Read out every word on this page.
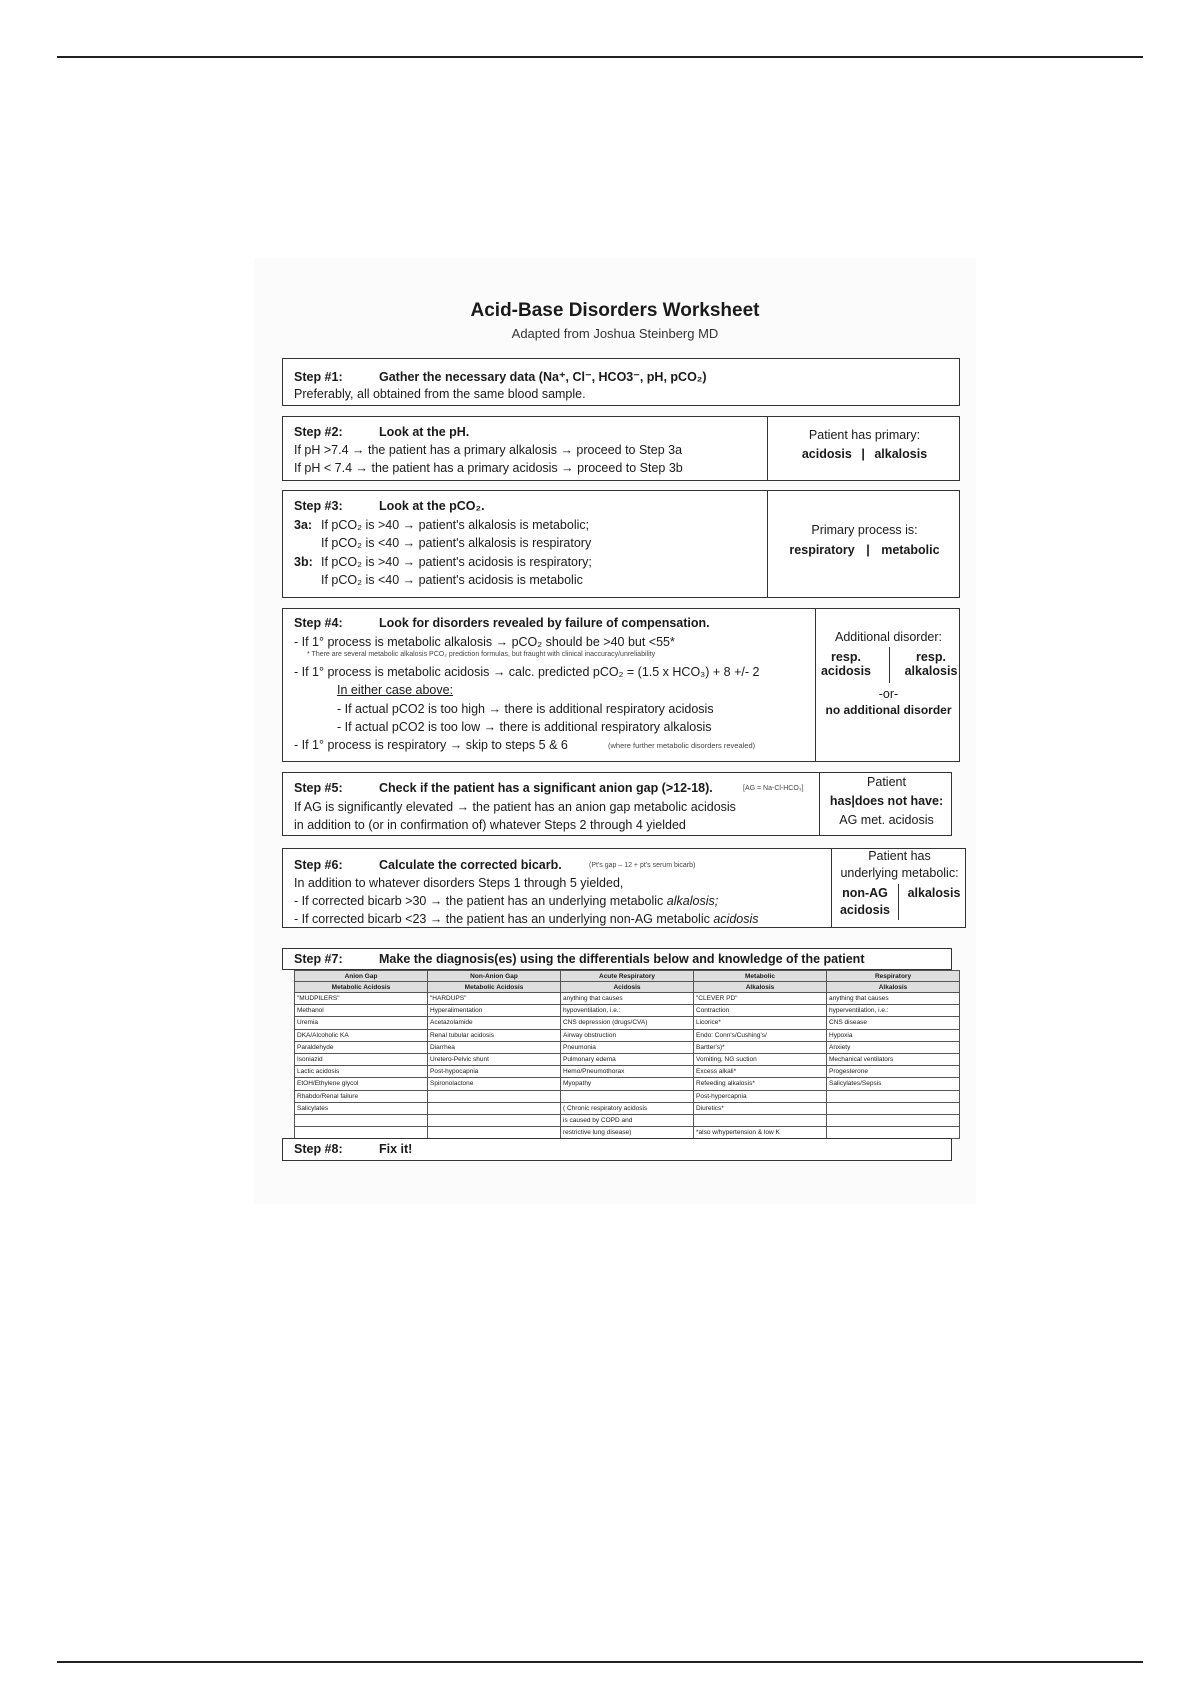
Acid-Base Disorders Worksheet
Adapted from Joshua Steinberg MD
Step #1:	Gather the necessary data (Na⁺, Cl⁻, HCO3⁻, pH, pCO₂)
Preferably, all obtained from the same blood sample.
Step #2:	Look at the pH.
If pH >7.4 → the patient has a primary alkalosis → proceed to Step 3a
If pH < 7.4 → the patient has a primary acidosis → proceed to Step 3b
Patient has primary:
acidosis | alkalosis
Step #3:	Look at the pCO₂.
3a: If pCO₂ is >40 → patient's alkalosis is metabolic;
If pCO₂ is <40 → patient's alkalosis is respiratory
3b: If pCO₂ is >40 → patient's acidosis is respiratory;
If pCO₂ is <40 → patient's acidosis is metabolic
Primary process is:
respiratory | metabolic
Step #4:	Look for disorders revealed by failure of compensation.
- If 1° process is metabolic alkalosis → pCO₂ should be >40 but <55*
* There are several metabolic alkalosis PCO₂ prediction formulas, but fraught with clinical inaccuracy/unreliability
- If 1° process is metabolic acidosis → calc. predicted pCO₂ = (1.5 x HCO₃) + 8 +/- 2
In either case above:
- If actual pCO2 is too high → there is additional respiratory acidosis
- If actual pCO2 is too low → there is additional respiratory alkalosis
- If 1° process is respiratory → skip to steps 5 & 6	(where further metabolic disorders revealed)
Additional disorder:
resp.
acidosis
resp.
alkalosis
-or-
no additional disorder
Step #5:	Check if the patient has a significant anion gap (>12-18).	[AG = Na-Cl-HCO₃]
If AG is significantly elevated → the patient has an anion gap metabolic acidosis
in addition to (or in confirmation of) whatever Steps 2 through 4 yielded
Patient
has|does not have:
AG met. acidosis
Step #6:	Calculate the corrected bicarb.	(Pt's gap – 12 + pt's serum bicarb)
In addition to whatever disorders Steps 1 through 5 yielded,
- If corrected bicarb >30 → the patient has an underlying metabolic alkalosis;
- If corrected bicarb <23 → the patient has an underlying non-AG metabolic acidosis
Patient has
underlying metabolic:
non-AG
acidosis
alkalosis
Step #7:	Make the diagnosis(es) using the differentials below and knowledge of the patient
Anion Gap	Non-Anion Gap	Acute Respiratory	Metabolic	Respiratory
Metabolic Acidosis	Metabolic Acidosis	Acidosis	Alkalosis	Alkalosis
"MUDPILERS"	"HARDUPS"	anything that causes	"CLEVER PD"	anything that causes
Methanol	Hyperalimentation	hypoventilation, i.e.:	Contraction	hyperventilation, i.e.:
Uremia	Acetazolamide	CNS depression (drugs/CVA)	Licorice*	CNS disease
DKA/Alcoholic KA	Renal tubular acidosis	Airway obstruction	Endo: Conn's/Cushing's/	Hypoxia
Paraldehyde	Diarrhea	Pneumonia	Bartter's)*	Anxiety
Isoniazid	Uretero-Pelvic shunt	Pulmonary edema	Vomiting, NG suction	Mechanical ventilators
Lactic acidosis	Post-hypocapnia	Hemo/Pneumothorax	Excess alkali*	Progesterone
EtOH/Ethylene glycol	Spironolactone	Myopathy	Refeeding alkalosis*	Salicylates/Sepsis
Rhabdo/Renal failure			Post-hypercapnia	
Salicylates		( Chronic respiratory acidosis	Diuretics*	
		is caused by COPD and		
		restrictive lung disease)	*also w/hypertension & low K	
Step #8:	Fix it!
